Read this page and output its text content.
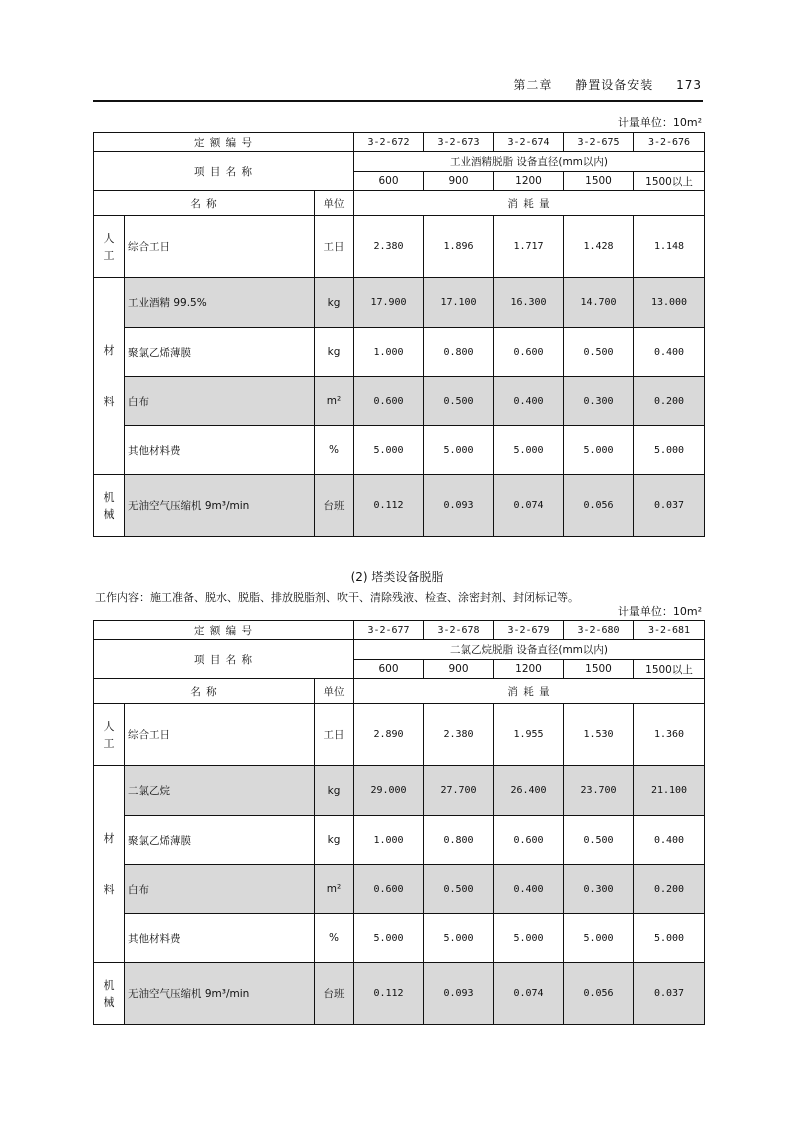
第二章 静置设备安装 173
计量单位：10m²
定 额 编 号			3-2-672	3-2-673	3-2-674	3-2-675	3-2-676
项 目 名 称			工业酒精脱脂 设备直径(mm以内)				
			600	900	1200	1500	1500以上
名 称		单位	消 耗 量				
人
工	综合工日	工日	2.380	1.896	1.717	1.428	1.148

材
料	工业酒精 99.5%	kg	17.900	17.100	16.300	14.700	13.000
	聚氯乙烯薄膜	kg	1.000	0.800	0.600	0.500	0.400
	白布	m²	0.600	0.500	0.400	0.300	0.200
	其他材料费	%	5.000	5.000	5.000	5.000	5.000
机
械	无油空气压缩机 9m³/min	台班	0.112	0.093	0.074	0.056	0.037
(2) 塔类设备脱脂
工作内容：施工准备、脱水、脱脂、排放脱脂剂、吹干、清除残液、检查、涂密封剂、封闭标记等。
计量单位：10m²
定 额 编 号			3-2-677	3-2-678	3-2-679	3-2-680	3-2-681
项 目 名 称			二氯乙烷脱脂 设备直径(mm以内)				
			600	900	1200	1500	1500以上
名 称		单位	消 耗 量				
人
工	综合工日	工日	2.890	2.380	1.955	1.530	1.360

材
料	二氯乙烷	kg	29.000	27.700	26.400	23.700	21.100
	聚氯乙烯薄膜	kg	1.000	0.800	0.600	0.500	0.400
	白布	m²	0.600	0.500	0.400	0.300	0.200
	其他材料费	%	5.000	5.000	5.000	5.000	5.000
机
械	无油空气压缩机 9m³/min	台班	0.112	0.093	0.074	0.056	0.037
